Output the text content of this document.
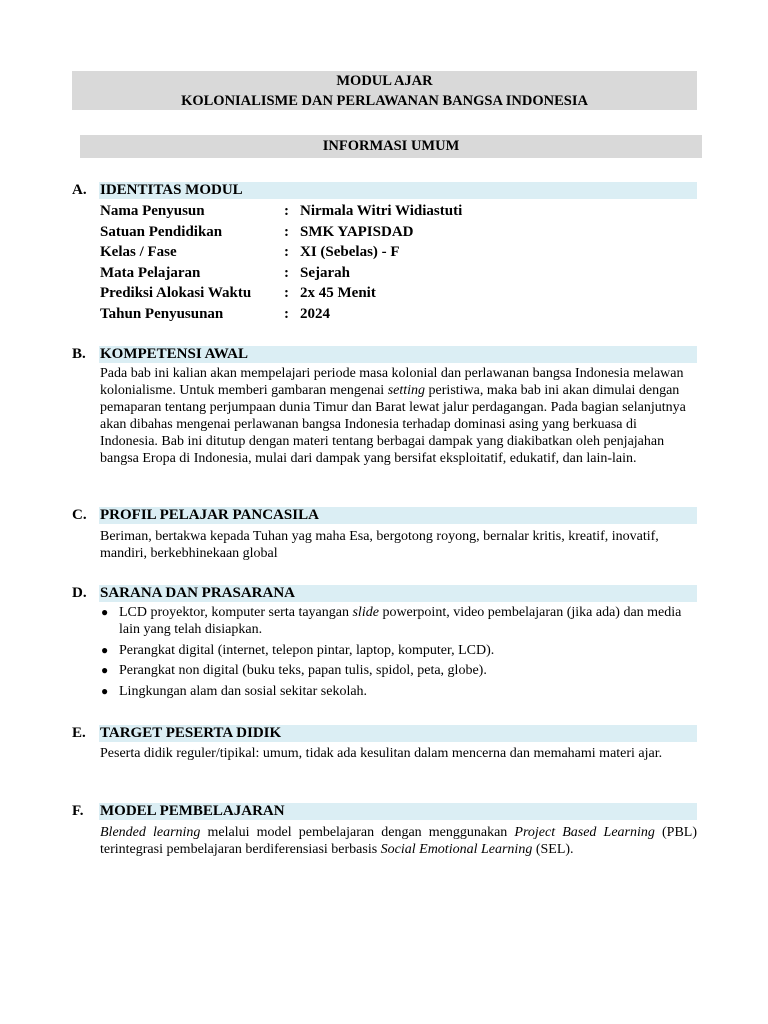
MODUL AJAR
KOLONIALISME DAN PERLAWANAN BANGSA INDONESIA
INFORMASI UMUM
A. IDENTITAS MODUL
Nama Penyusun	: Nirmala Witri Widiastuti
Satuan Pendidikan	: SMK YAPISDAD
Kelas / Fase	: XI (Sebelas) - F
Mata Pelajaran	: Sejarah
Prediksi Alokasi Waktu : 2x 45 Menit
Tahun Penyusunan	: 2024
B. KOMPETENSI AWAL
Pada bab ini kalian akan mempelajari periode masa kolonial dan perlawanan bangsa Indonesia melawan kolonialisme. Untuk memberi gambaran mengenai setting peristiwa, maka bab ini akan dimulai dengan pemaparan tentang perjumpaan dunia Timur dan Barat lewat jalur perdagangan. Pada bagian selanjutnya akan dibahas mengenai perlawanan bangsa Indonesia terhadap dominasi asing yang berkuasa di Indonesia. Bab ini ditutup dengan materi tentang berbagai dampak yang diakibatkan oleh penjajahan bangsa Eropa di Indonesia, mulai dari dampak yang bersifat eksploitatif, edukatif, dan lain-lain.
C. PROFIL PELAJAR PANCASILA
Beriman, bertakwa kepada Tuhan yag maha Esa, bergotong royong, bernalar kritis, kreatif, inovatif, mandiri, berkebhinekaan global
D. SARANA DAN PRASARANA
● LCD proyektor, komputer serta tayangan slide powerpoint, video pembelajaran (jika ada) dan media lain yang telah disiapkan.
● Perangkat digital (internet, telepon pintar, laptop, komputer, LCD).
● Perangkat non digital (buku teks, papan tulis, spidol, peta, globe).
● Lingkungan alam dan sosial sekitar sekolah.
E. TARGET PESERTA DIDIK
Peserta didik reguler/tipikal: umum, tidak ada kesulitan dalam mencerna dan memahami materi ajar.
F. MODEL PEMBELAJARAN
Blended learning melalui model pembelajaran dengan menggunakan Project Based Learning (PBL) terintegrasi pembelajaran berdiferensiasi berbasis Social Emotional Learning (SEL).
